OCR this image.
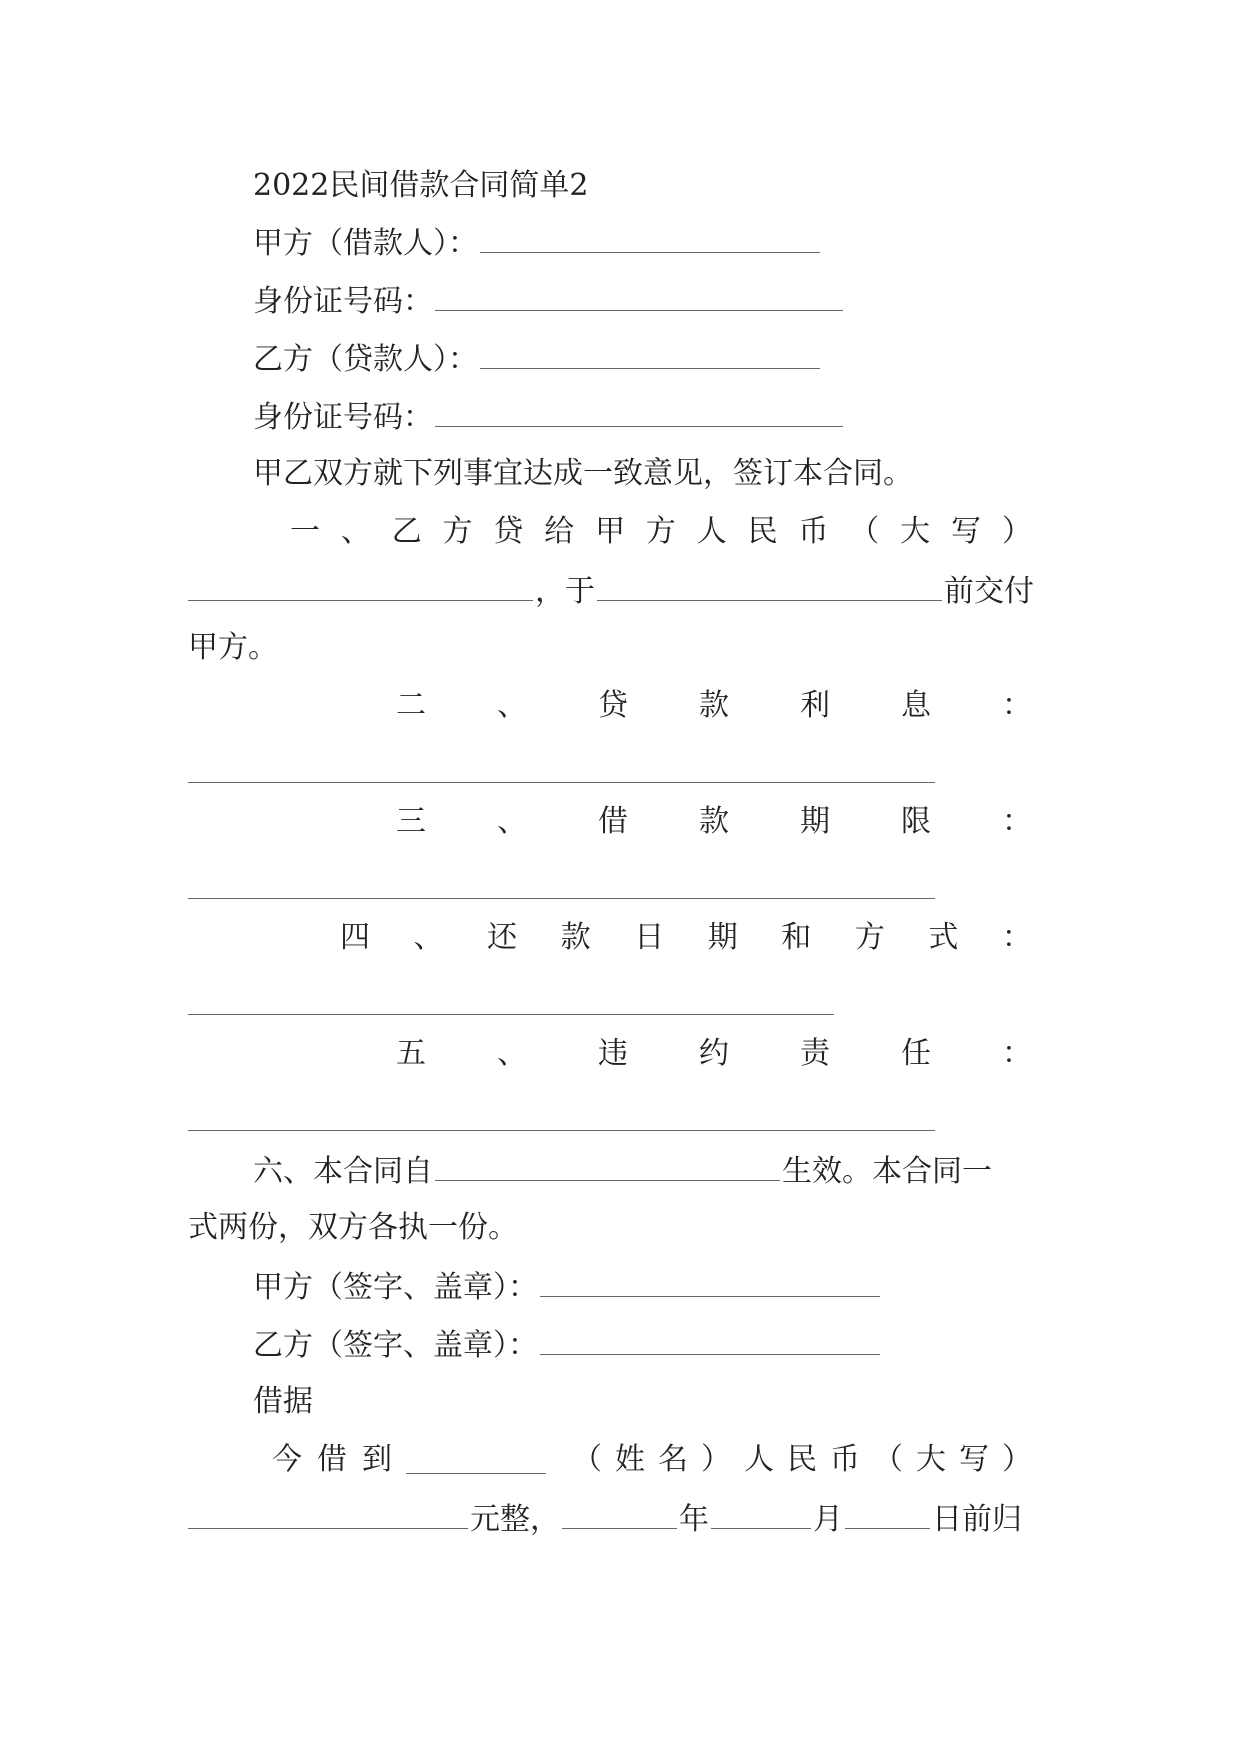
2022民间借款合同简单2
甲方（借款人）：
身份证号码：
乙方（贷款人）：
身份证号码：
甲乙双方就下列事宜达成一致意见，签订本合同。
一 、 乙 方 贷 给 甲 方 人 民 币 （ 大 写 ）
，于	前交付
甲方。
二 、 贷 款 利 息 ：
三 、 借 款 期 限 ：
四 、 还 款 日 期 和 方 式 ：
五 、 违 约 责 任 ：
六、本合同自	生效。本合同一
式两份，双方各执一份。
甲方（签字、盖章）：
乙方（签字、盖章）：
借据
今 借 到	（ 姓 名 ） 人 民 币 （ 大 写 ）
元整，	年	月	日前归
